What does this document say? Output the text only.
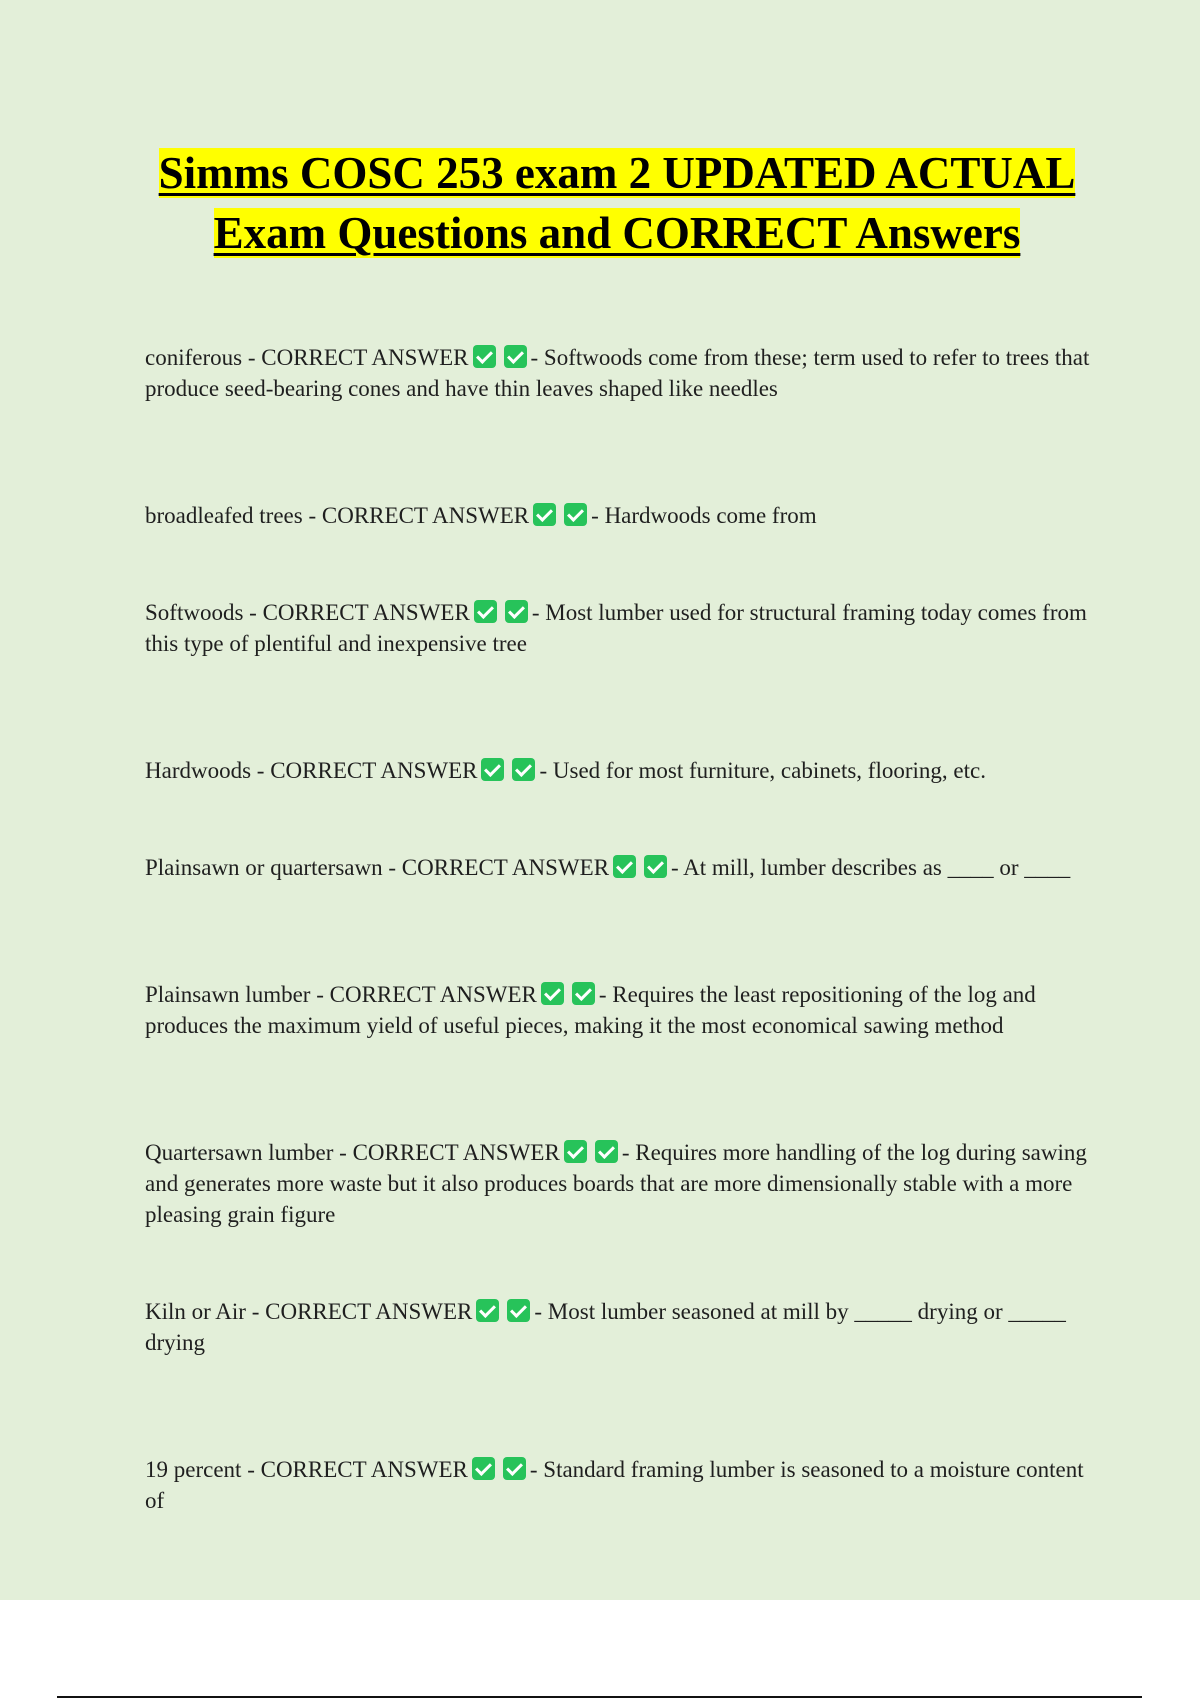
Simms COSC 253 exam 2 UPDATED ACTUAL Exam Questions and CORRECT Answers

coniferous - CORRECT ANSWER	- Softwoods come from these; term used to refer to trees that produce seed-bearing cones and have thin leaves shaped like needles

broadleafed trees - CORRECT ANSWER	- Hardwoods come from

Softwoods - CORRECT ANSWER	- Most lumber used for structural framing today comes from this type of plentiful and inexpensive tree

Hardwoods - CORRECT ANSWER	- Used for most furniture, cabinets, flooring, etc.

Plainsawn or quartersawn - CORRECT ANSWER	- At mill, lumber describes as ____ or ____

Plainsawn lumber - CORRECT ANSWER	- Requires the least repositioning of the log and produces the maximum yield of useful pieces, making it the most economical sawing method

Quartersawn lumber - CORRECT ANSWER	- Requires more handling of the log during sawing and generates more waste but it also produces boards that are more dimensionally stable with a more pleasing grain figure

Kiln or Air - CORRECT ANSWER	- Most lumber seasoned at mill by _____ drying or _____ drying

19 percent - CORRECT ANSWER	- Standard framing lumber is seasoned to a moisture content of
